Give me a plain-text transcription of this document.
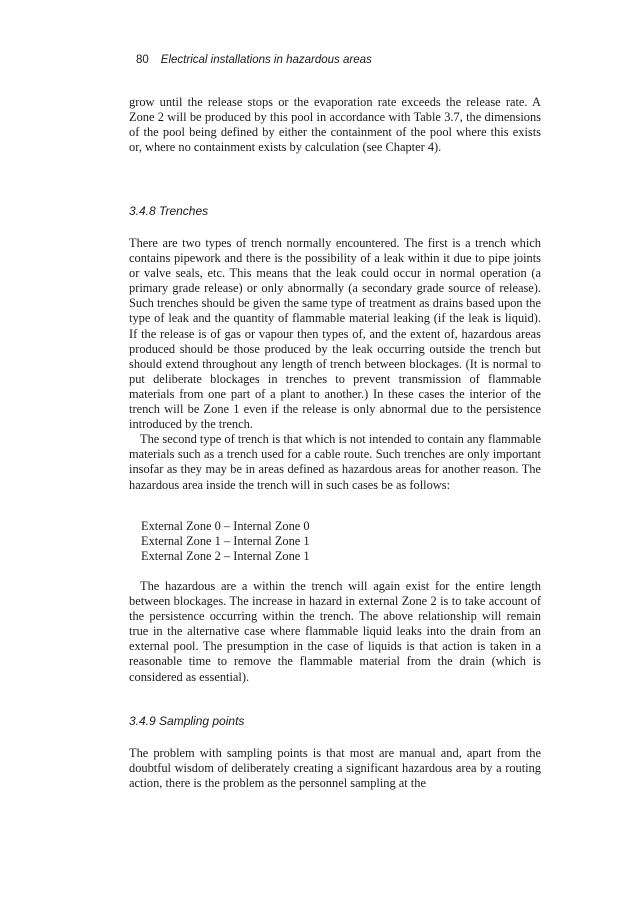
80 Electrical installations in hazardous areas

grow until the release stops or the evaporation rate exceeds the release rate. A Zone 2 will be produced by this pool in accordance with Table 3.7, the dimensions of the pool being defined by either the containment of the pool where this exists or, where no containment exists by calculation (see Chapter 4).

3.4.8 Trenches

There are two types of trench normally encountered. The first is a trench which contains pipework and there is the possibility of a leak within it due to pipe joints or valve seals, etc. This means that the leak could occur in normal operation (a primary grade release) or only abnormally (a secondary grade source of release). Such trenches should be given the same type of treatment as drains based upon the type of leak and the quantity of flammable material leaking (if the leak is liquid). If the release is of gas or vapour then types of, and the extent of, hazardous areas produced should be those produced by the leak occurring outside the trench but should extend throughout any length of trench between blockages. (It is normal to put deliberate blockages in trenches to prevent transmission of flammable materials from one part of a plant to another.) In these cases the interior of the trench will be Zone 1 even if the release is only abnormal due to the persistence introduced by the trench.

The second type of trench is that which is not intended to contain any flammable materials such as a trench used for a cable route. Such trenches are only important insofar as they may be in areas defined as hazardous areas for another reason. The hazardous area inside the trench will in such cases be as follows:

External Zone 0 – Internal Zone 0
External Zone 1 – Internal Zone 1
External Zone 2 – Internal Zone 1

The hazardous are a within the trench will again exist for the entire length between blockages. The increase in hazard in external Zone 2 is to take account of the persistence occurring within the trench. The above relationship will remain true in the alternative case where flammable liquid leaks into the drain from an external pool. The presumption in the case of liquids is that action is taken in a reasonable time to remove the flammable material from the drain (which is considered as essential).

3.4.9 Sampling points

The problem with sampling points is that most are manual and, apart from the doubtful wisdom of deliberately creating a significant hazardous area by a routing action, there is the problem as the personnel sampling at the
